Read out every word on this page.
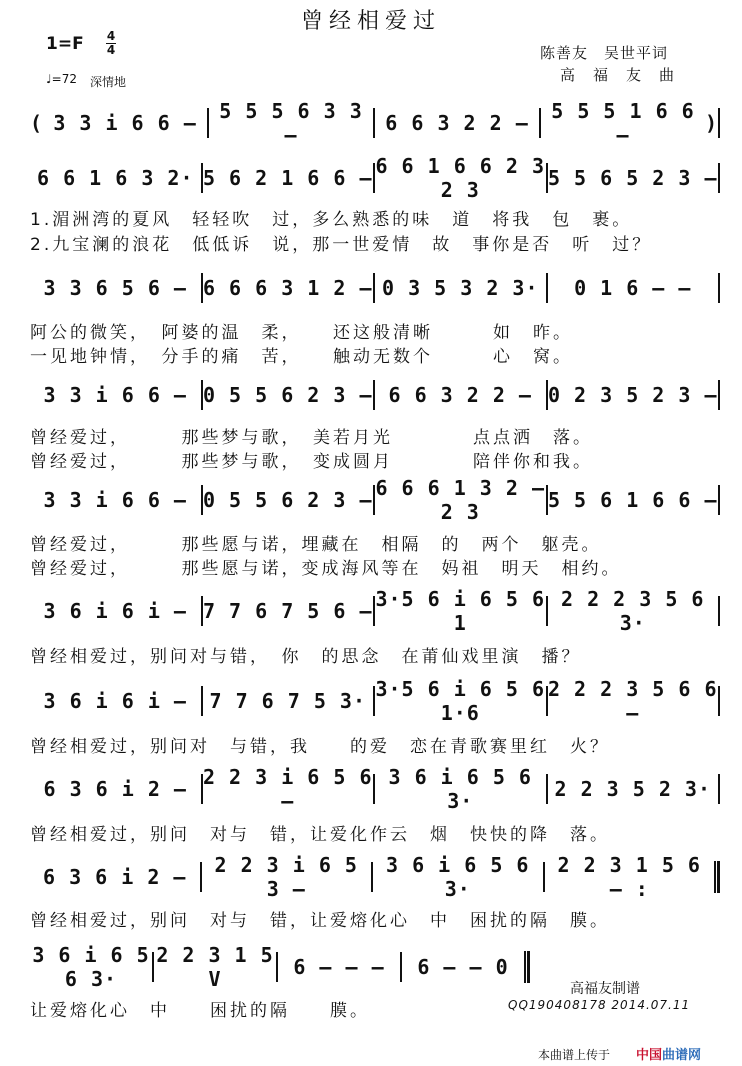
曾经相爱过
1=F 4
4
♩=72 深情地
陈善友　吴世平词
高福友曲
( 3 3 i 6 6 –	5 5 5 6 3 3 –	6 6 3 2 2 –	5 5 5 1 6 6 –	)
6 6 1 6 3 2· 5 6 2 1 6 6 – 6 6 1 6 6 2 3 2 3	5 5 6 5 2 3 –
3 3 6 5 6 – 6 6 6 3 1 2 – 0 3 5 3 2 3·	0 1 6 – –
3 3 i 6 6 – 0 5 5 6 2 3 – 6 6 3 2 2 – 0 2 3 5 2 3 –
3 3 i 6 6 – 0 5 5 6 2 3 – 6 6 6 1 3 2 – 2 3	5 5 6 1 6 6 –
3 6 i 6 i – 7 7 6 7 5 6 – 3·5 6 i 6 5 6 1
2 2 2 3 5 6 3·
3 6 i 6 i –	7 7 6 7 5 3· 3·5 6 i 6 5 6 1·6
2 2 2 3 5 6 6 –
6 3 6 i 2 – 2 2 3 i 6 5 6 –
3 6 i 6 5 6 3·	2 2 3 5 2 3·
6 3 6 i 2 –	2 2 3 i 6 5 3 –
3 6 i 6 5 6 3·
2 2 3 1 5 6 – :
3 6 i 6 5 6 3·
2 2 3 1 5 V	6 – – –	6 – – 0
1.湄洲湾的夏风　轻轻吹　过，多么熟悉的味　道　将我　包　裹。
2.九宝澜的浪花　低低诉　说，那一世爱情　故　事你是否　听　过？
阿公的微笑，　阿婆的温　柔，　　还这般清晰　　　如　昨。
一见地钟情，　分手的痛　苦，　　触动无数个　　　心　窝。
曾经爱过，　　　那些梦与歌，　美若月光　　　　点点洒　落。
曾经爱过，　　　那些梦与歌，　变成圆月　　　　陪伴你和我。
曾经爱过，　　　那些愿与诺，埋藏在　相隔　的　两个　躯壳。
曾经爱过，　　　那些愿与诺，变成海风等在　妈祖　明天　相约。
曾经相爱过，别问对与错，　你　的思念　在莆仙戏里演　播？
曾经相爱过，别问对　与错，我　　的爱　恋在青歌赛里红　火？
曾经相爱过，别问　对与　错，让爱化作云　烟　快快的降　落。
曾经相爱过，别问　对与　错，让爱熔化心　中　困扰的隔　膜。
让爱熔化心　中　　困扰的隔　　膜。
高福友制谱
QQ190408178 2014.07.11
本曲谱上传于 中国曲谱网
